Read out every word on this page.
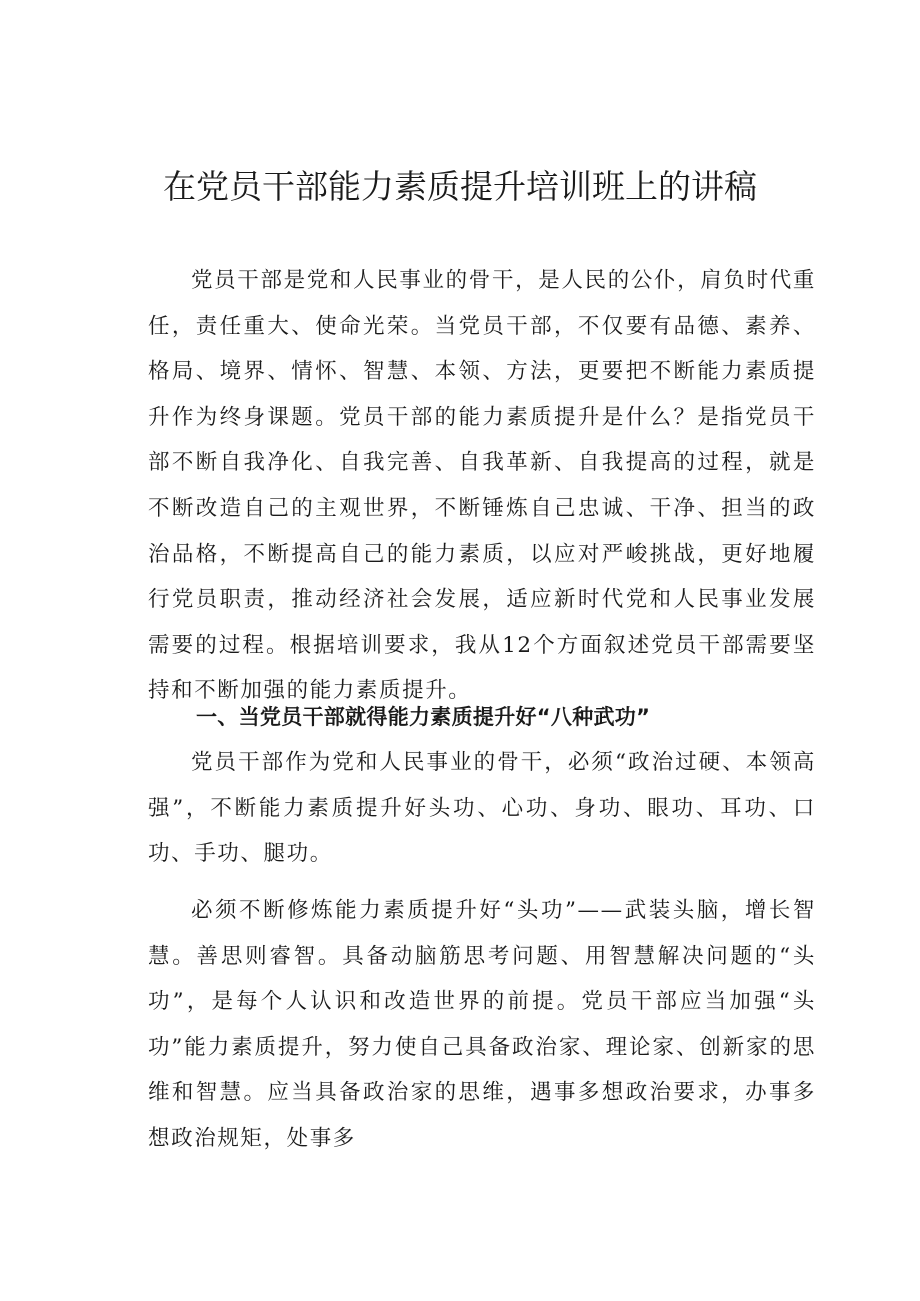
在党员干部能力素质提升培训班上的讲稿

党员干部是党和人民事业的骨干，是人民的公仆，肩负时代重任，责任重大、使命光荣。当党员干部，不仅要有品德、素养、格局、境界、情怀、智慧、本领、方法，更要把不断能力素质提升作为终身课题。党员干部的能力素质提升是什么？是指党员干部不断自我净化、自我完善、自我革新、自我提高的过程，就是不断改造自己的主观世界，不断锤炼自己忠诚、干净、担当的政治品格，不断提高自己的能力素质，以应对严峻挑战，更好地履行党员职责，推动经济社会发展，适应新时代党和人民事业发展需要的过程。根据培训要求，我从12个方面叙述党员干部需要坚持和不断加强的能力素质提升。

一、当党员干部就得能力素质提升好“八种武功”

党员干部作为党和人民事业的骨干，必须“政治过硬、本领高强”，不断能力素质提升好头功、心功、身功、眼功、耳功、口功、手功、腿功。

必须不断修炼能力素质提升好“头功”——武装头脑，增长智慧。善思则睿智。具备动脑筋思考问题、用智慧解决问题的“头功”，是每个人认识和改造世界的前提。党员干部应当加强“头功”能力素质提升，努力使自己具备政治家、理论家、创新家的思维和智慧。应当具备政治家的思维，遇事多想政治要求，办事多想政治规矩，处事多
